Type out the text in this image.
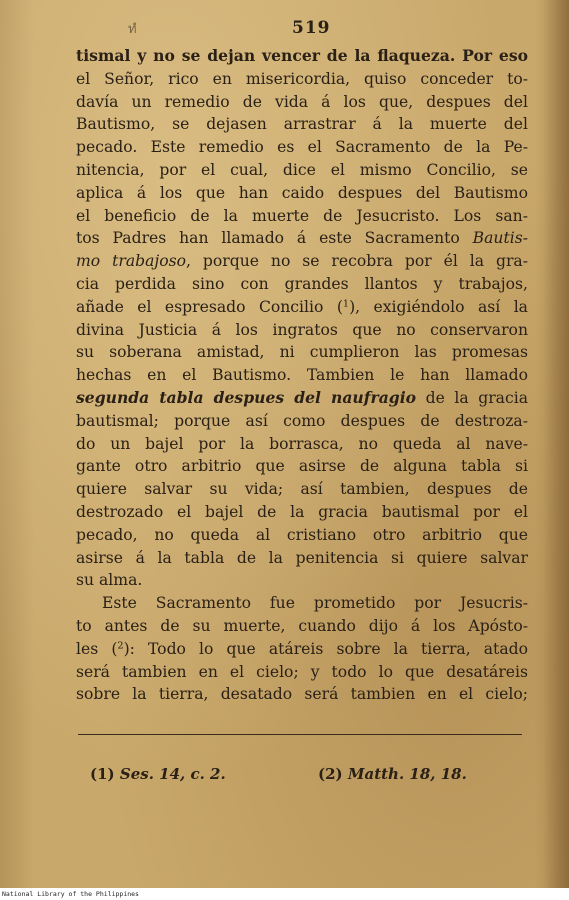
ทํ	519
tismal y no se dejan vencer de la flaqueza. Por eso
el Señor, rico en misericordia, quiso conceder to-
davía un remedio de vida á los que, despues del
Bautismo, se dejasen arrastrar á la muerte del
pecado. Este remedio es el Sacramento de la Pe-
nitencia, por el cual, dice el mismo Concilio, se
aplica á los que han caido despues del Bautismo
el beneficio de la muerte de Jesucristo. Los san-
tos Padres han llamado á este Sacramento Bautis-
mo trabajoso, porque no se recobra por él la gra-
cia perdida sino con grandes llantos y trabajos,
añade el espresado Concilio ($^1$), exigiéndolo así la
divina Justicia á los ingratos que no conservaron
su soberana amistad, ni cumplieron las promesas
hechas en el Bautismo. Tambien le han llamado
segunda tabla despues del naufragio de la gracia
bautismal; porque así como despues de destroza-
do un bajel por la borrasca, no queda al nave-
gante otro arbitrio que asirse de alguna tabla si
quiere salvar su vida; así tambien, despues de
destrozado el bajel de la gracia bautismal por el
pecado, no queda al cristiano otro arbitrio que
asirse á la tabla de la penitencia si quiere salvar
su alma.
Este Sacramento fue prometido por Jesucris-
to antes de su muerte, cuando dijo á los Apósto-
les ($^2$): Todo lo que atáreis sobre la tierra, atado
será tambien en el cielo; y todo lo que desatáreis
sobre la tierra, desatado será tambien en el cielo;
(1) Ses. 14, c. 2.	(2) Matth. 18, 18.
National Library of the Philippines
